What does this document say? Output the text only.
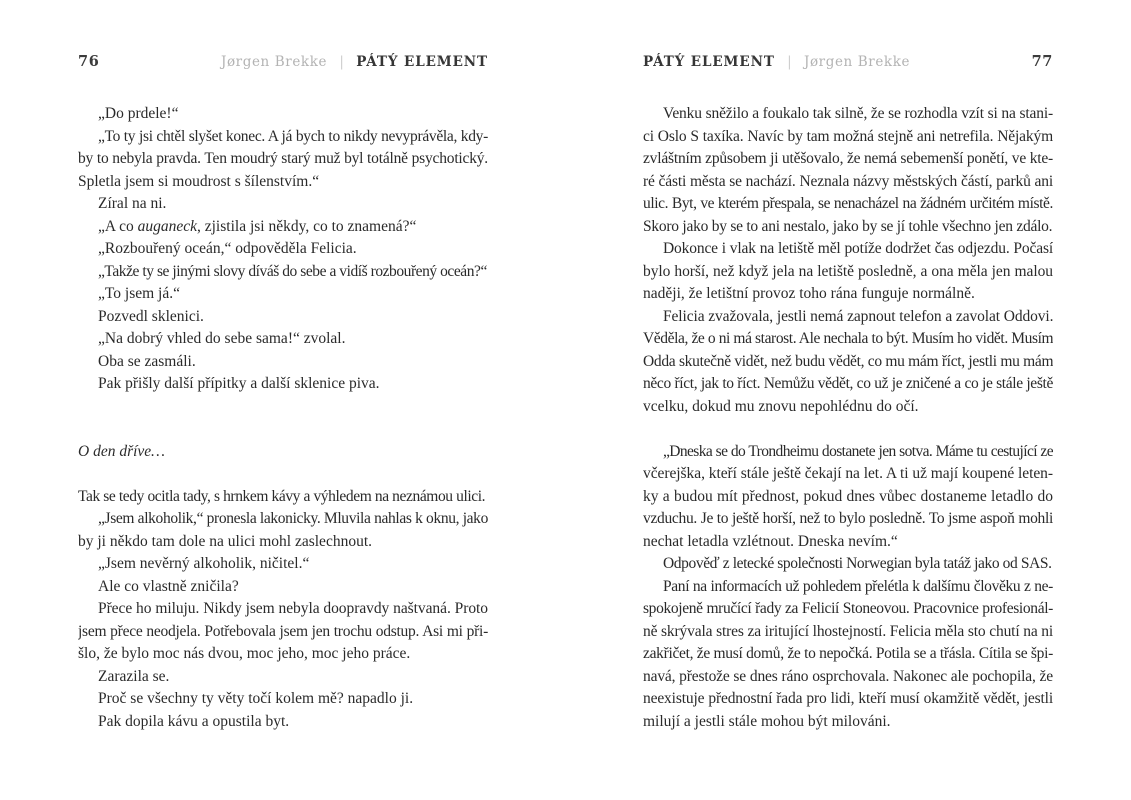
76	Jørgen Brekke | PÁTÝ ELEMENT
„Do prdele!“
„To ty jsi chtěl slyšet konec. A já bych to nikdy nevyprávěla, kdy-
by to nebyla pravda. Ten moudrý starý muž byl totálně psychotický.
Spletla jsem si moudrost s šílenstvím.“
Zíral na ni.
„A co auganeck, zjistila jsi někdy, co to znamená?“
„Rozbouřený oceán,“ odpověděla Felicia.
„Takže ty se jinými slovy díváš do sebe a vidíš rozbouřený oceán?“
„To jsem já.“
Pozvedl sklenici.
„Na dobrý vhled do sebe sama!“ zvolal.
Oba se zasmáli.
Pak přišly další přípitky a další sklenice piva.
O den dříve…
Tak se tedy ocitla tady, s hrnkem kávy a výhledem na neznámou ulici.
„Jsem alkoholik,“ pronesla lakonicky. Mluvila nahlas k oknu, jako
by ji někdo tam dole na ulici mohl zaslechnout.
„Jsem nevěrný alkoholik, ničitel.“
Ale co vlastně zničila?
Přece ho miluju. Nikdy jsem nebyla doopravdy naštvaná. Proto
jsem přece neodjela. Potřebovala jsem jen trochu odstup. Asi mi při-
šlo, že bylo moc nás dvou, moc jeho, moc jeho práce.
Zarazila se.
Proč se všechny ty věty točí kolem mě? napadlo ji.
Pak dopila kávu a opustila byt.
PÁTÝ ELEMENT | Jørgen Brekke	77
Venku sněžilo a foukalo tak silně, že se rozhodla vzít si na stani-
ci Oslo S taxíka. Navíc by tam možná stejně ani netrefila. Nějakým
zvláštním způsobem ji utěšovalo, že nemá sebemenší ponětí, ve kte-
ré části města se nachází. Neznala názvy městských částí, parků ani
ulic. Byt, ve kterém přespala, se nenacházel na žádném určitém místě.
Skoro jako by se to ani nestalo, jako by se jí tohle všechno jen zdálo.
Dokonce i vlak na letiště měl potíže dodržet čas odjezdu. Počasí
bylo horší, než když jela na letiště posledně, a ona měla jen malou
naději, že letištní provoz toho rána funguje normálně.
Felicia zvažovala, jestli nemá zapnout telefon a zavolat Oddovi.
Věděla, že o ni má starost. Ale nechala to být. Musím ho vidět. Musím
Odda skutečně vidět, než budu vědět, co mu mám říct, jestli mu mám
něco říct, jak to říct. Nemůžu vědět, co už je zničené a co je stále ještě
vcelku, dokud mu znovu nepohlédnu do očí.
„Dneska se do Trondheimu dostanete jen sotva. Máme tu cestující ze
včerejška, kteří stále ještě čekají na let. A ti už mají koupené leten-
ky a budou mít přednost, pokud dnes vůbec dostaneme letadlo do
vzduchu. Je to ještě horší, než to bylo posledně. To jsme aspoň mohli
nechat letadla vzlétnout. Dneska nevím.“
Odpověď z letecké společnosti Norwegian byla tatáž jako od SAS.
Paní na informacích už pohledem přelétla k dalšímu člověku z ne-
spokojeně mručící řady za Felicií Stoneovou. Pracovnice profesionál-
ně skrývala stres za iritující lhostejností. Felicia měla sto chutí na ni
zakřičet, že musí domů, že to nepočká. Potila se a třásla. Cítila se špi-
navá, přestože se dnes ráno osprchovala. Nakonec ale pochopila, že
neexistuje přednostní řada pro lidi, kteří musí okamžitě vědět, jestli
milují a jestli stále mohou být milováni.
